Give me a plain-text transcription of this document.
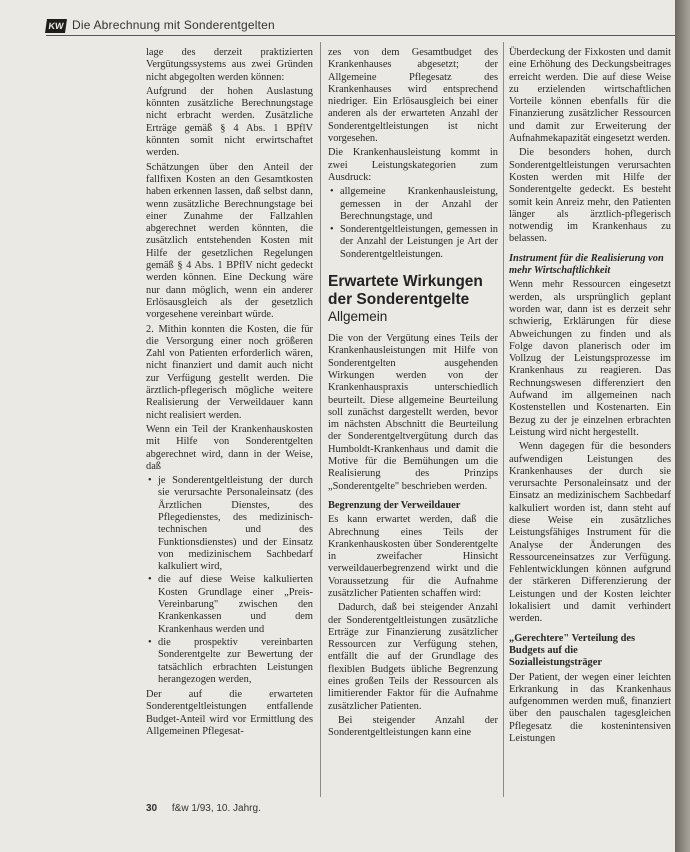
KW Die Abrechnung mit Sonderentgelten

lage des derzeit praktizierten Vergütungssystems aus zwei Gründen nicht abgegolten werden können:

Aufgrund der hohen Auslastung könnten zusätzliche Berechnungstage nicht erbracht werden. Zusätzliche Erträge gemäß § 4 Abs. 1 BPflV könnten somit nicht erwirtschaftet werden.

Schätzungen über den Anteil der fallfixen Kosten an den Gesamtkosten haben erkennen lassen, daß selbst dann, wenn zusätzliche Berechnungstage bei einer Zunahme der Fallzahlen abgerechnet werden könnten, die zusätzlich entstehenden Kosten mit Hilfe der gesetzlichen Regelungen gemäß § 4 Abs. 1 BPflV nicht gedeckt werden können. Eine Deckung wäre nur dann möglich, wenn ein anderer Erlösausgleich als der gesetzlich vorgesehene vereinbart würde.

2. Mithin konnten die Kosten, die für die Versorgung einer noch größeren Zahl von Patienten erforderlich wären, nicht finanziert und damit auch nicht zur Verfügung gestellt werden. Die ärztlich-pflegerisch mögliche weitere Realisierung der Verweildauer kann nicht realisiert werden.

Wenn ein Teil der Krankenhauskosten mit Hilfe von Sonderentgelten abgerechnet wird, dann in der Weise, daß

• je Sonderentgeltleistung der durch sie verursachte Personaleinsatz (des Ärztlichen Dienstes, des Pflegedienstes, des medizinisch-technischen und des Funktionsdienstes) und der Einsatz von medizinischem Sachbedarf kalkuliert wird,
• die auf diese Weise kalkulierten Kosten Grundlage einer „Preis-Vereinbarung" zwischen den Krankenkassen und dem Krankenhaus werden und
• die prospektiv vereinbarten Sonderentgelte zur Bewertung der tatsächlich erbrachten Leistungen herangezogen werden,

Der auf die erwarteten Sonderentgeltleistungen entfallende Budget-Anteil wird vor Ermittlung des Allgemeinen Pflegesat-

zes von dem Gesamtbudget des Krankenhauses abgesetzt; der Allgemeine Pflegesatz des Krankenhauses wird entsprechend niedriger. Ein Erlösausgleich bei einer anderen als der erwarteten Anzahl der Sonderentgeltleistungen ist nicht vorgesehen.

Die Krankenhausleistung kommt in zwei Leistungskategorien zum Ausdruck:

• allgemeine Krankenhausleistung, gemessen in der Anzahl der Berechnungstage, und
• Sonderentgeltleistungen, gemessen in der Anzahl der Leistungen je Art der Sonderentgeltleistungen.
Erwartete Wirkungen der Sonderentgelte
Allgemein

Die von der Vergütung eines Teils der Krankenhausleistungen mit Hilfe von Sonderentgelten ausgehenden Wirkungen werden von der Krankenhauspraxis unterschiedlich beurteilt. Diese allgemeine Beurteilung soll zunächst dargestellt werden, bevor im nächsten Abschnitt die Beurteilung der Sonderentgeltvergütung durch das Humboldt-Krankenhaus und damit die Motive für die Bemühungen um die Realisierung des Prinzips „Sonderentgelte" beschrieben werden.

Begrenzung der Verweildauer

Es kann erwartet werden, daß die Abrechnung eines Teils der Krankenhauskosten über Sonderentgelte in zweifacher Hinsicht verweildauerbegrenzend wirkt und die Voraussetzung für die Aufnahme zusätzlicher Patienten schaffen wird:

Dadurch, daß bei steigender Anzahl der Sonderentgeltleistungen zusätzliche Erträge zur Finanzierung zusätzlicher Ressourcen zur Verfügung stehen, entfällt die auf der Grundlage des flexiblen Budgets übliche Begrenzung eines großen Teils der Ressourcen als limitierender Faktor für die Aufnahme zusätzlicher Patienten.

Bei steigender Anzahl der Sonderentgeltleistungen kann eine

Überdeckung der Fixkosten und damit eine Erhöhung des Deckungsbeitrages erreicht werden. Die auf diese Weise zu erzielenden wirtschaftlichen Vorteile können ebenfalls für die Finanzierung zusätzlicher Ressourcen und damit zur Erweiterung der Aufnahmekapazität eingesetzt werden.

Die besonders hohen, durch Sonderentgeltleistungen verursachten Kosten werden mit Hilfe der Sonderentgelte gedeckt. Es besteht somit kein Anreiz mehr, den Patienten länger als ärztlich-pflegerisch notwendig im Krankenhaus zu belassen.

Instrument für die Realisierung von mehr Wirtschaftlichkeit

Wenn mehr Ressourcen eingesetzt werden, als ursprünglich geplant worden war, dann ist es derzeit sehr schwierig, Erklärungen für diese Abweichungen zu finden und als Folge davon planerisch oder im Vollzug der Leistungsprozesse im Krankenhaus zu reagieren. Das Rechnungswesen differenziert den Aufwand im allgemeinen nach Kostenstellen und Kostenarten. Ein Bezug zu der je einzelnen erbrachten Leistung wird nicht hergestellt.

Wenn dagegen für die besonders aufwendigen Leistungen des Krankenhauses der durch sie verursachte Personaleinsatz und der Einsatz an medizinischem Sachbedarf kalkuliert worden ist, dann steht auf diese Weise ein zusätzliches Leistungsfähiges Instrument für die Analyse der Änderungen des Ressourceneinsatzes zur Verfügung. Fehlentwicklungen können aufgrund der stärkeren Differenzierung der Leistungen und der Kosten leichter lokalisiert und damit verhindert werden.

„Gerechtere" Verteilung des Budgets auf die Sozialleistungsträger

Der Patient, der wegen einer leichten Erkrankung in das Krankenhaus aufgenommen werden muß, finanziert über den pauschalen tagesgleichen Pflegesatz die kostenintensiven Leistungen

30 f&w 1/93, 10. Jahrg.
